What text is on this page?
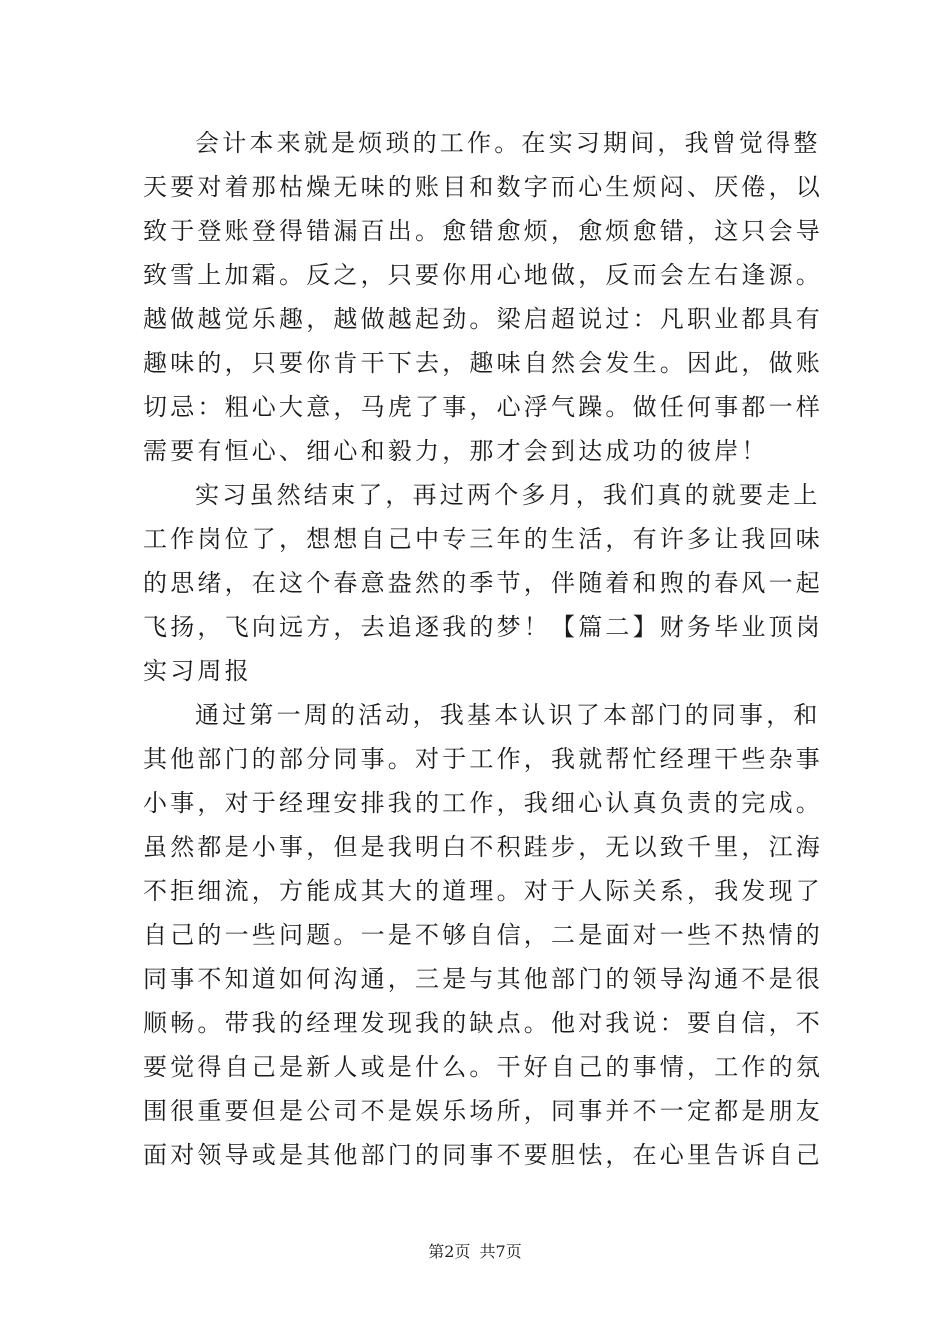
会计本来就是烦琐的工作。在实习期间，我曾觉得整
天要对着那枯燥无味的账目和数字而心生烦闷、厌倦，以
致于登账登得错漏百出。愈错愈烦，愈烦愈错，这只会导
致雪上加霜。反之，只要你用心地做，反而会左右逢源。
越做越觉乐趣，越做越起劲。梁启超说过：凡职业都具有
趣味的，只要你肯干下去，趣味自然会发生。因此，做账
切忌：粗心大意，马虎了事，心浮气躁。做任何事都一样
需要有恒心、细心和毅力，那才会到达成功的彼岸！
实习虽然结束了，再过两个多月，我们真的就要走上
工作岗位了，想想自己中专三年的生活，有许多让我回味
的思绪，在这个春意盎然的季节，伴随着和煦的春风一起
飞扬，飞向远方，去追逐我的梦！【篇二】财务毕业顶岗
实习周报
通过第一周的活动，我基本认识了本部门的同事，和
其他部门的部分同事。对于工作，我就帮忙经理干些杂事
小事，对于经理安排我的工作，我细心认真负责的完成。
虽然都是小事，但是我明白不积跬步，无以致千里，江海
不拒细流，方能成其大的道理。对于人际关系，我发现了
自己的一些问题。一是不够自信，二是面对一些不热情的
同事不知道如何沟通，三是与其他部门的领导沟通不是很
顺畅。带我的经理发现我的缺点。他对我说：要自信，不
要觉得自己是新人或是什么。干好自己的事情，工作的氛
围很重要但是公司不是娱乐场所，同事并不一定都是朋友
面对领导或是其他部门的同事不要胆怯，在心里告诉自己
第2页 共7页
